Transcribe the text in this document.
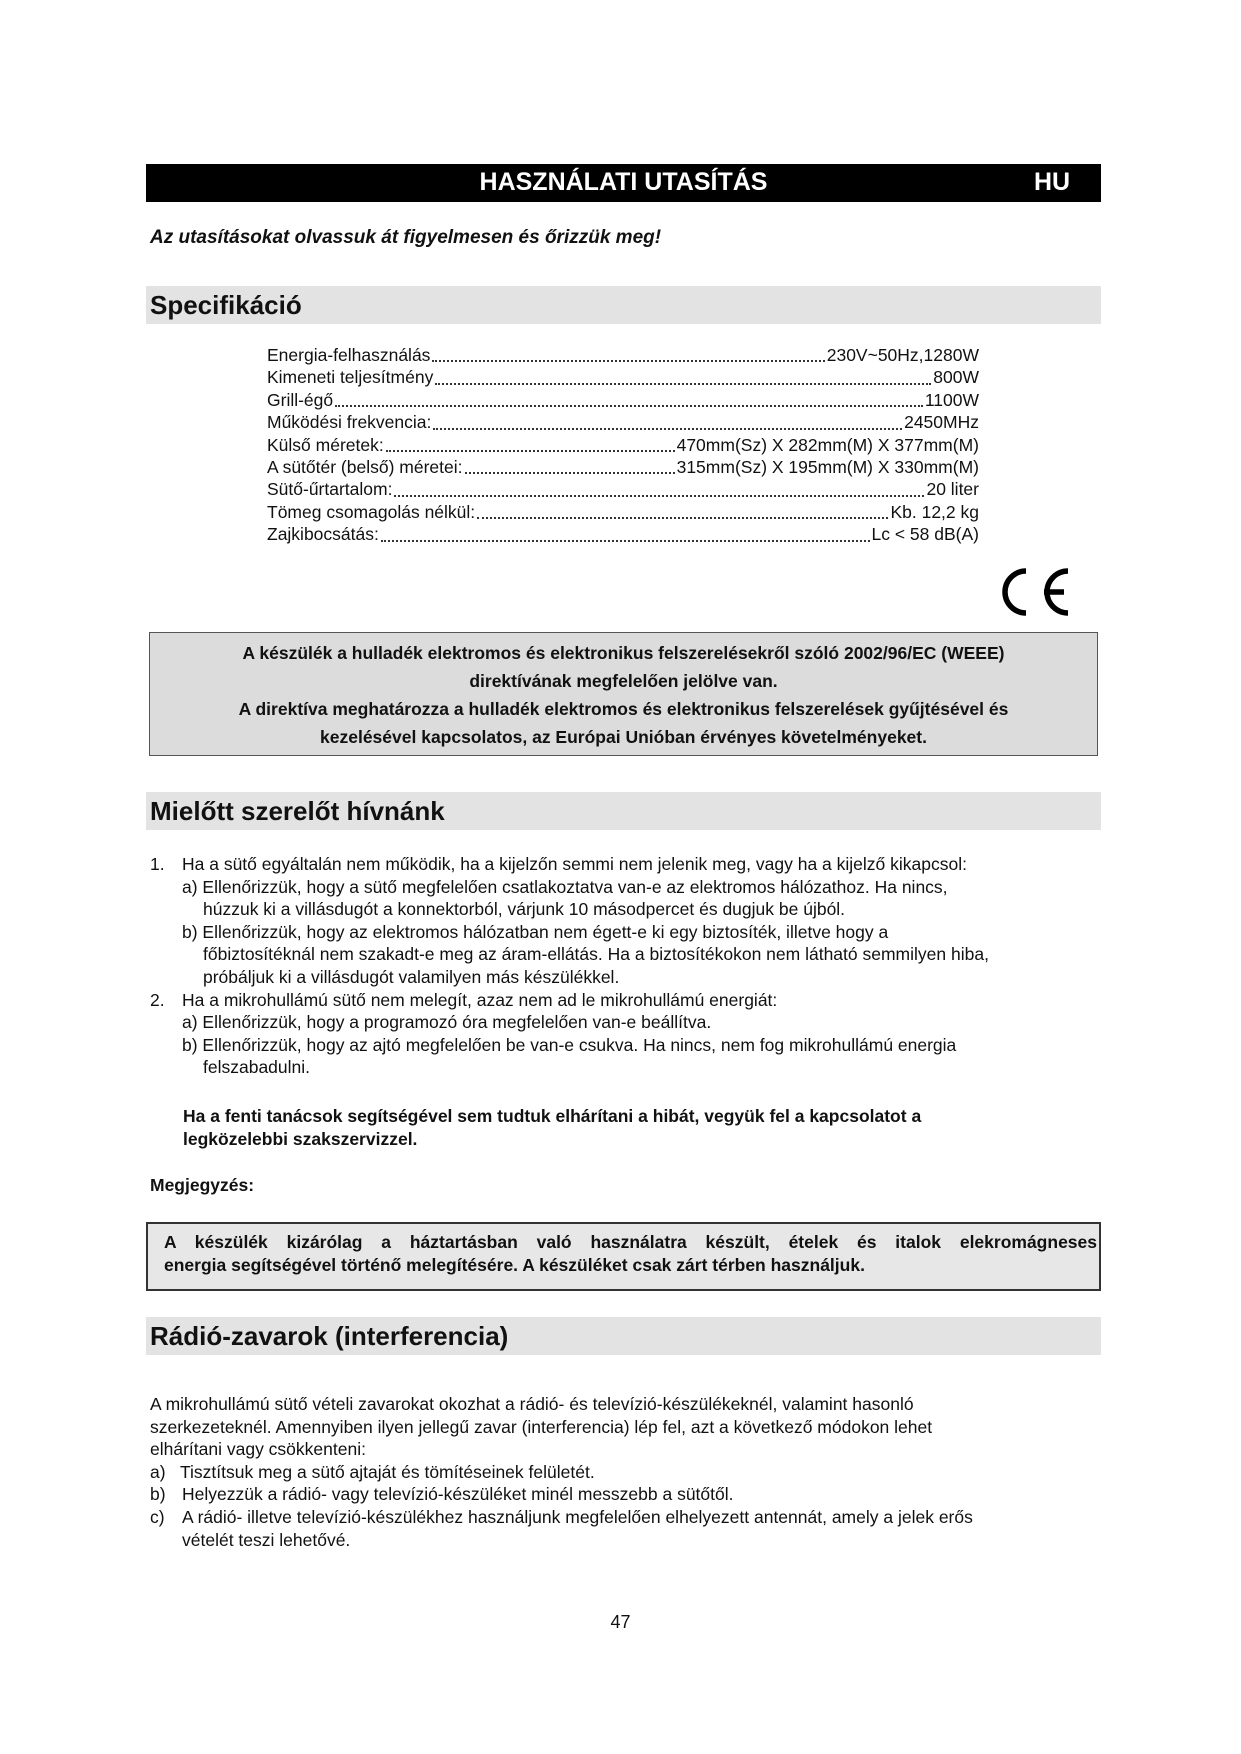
HASZNÁLATI UTASÍTÁS	HU
Az utasításokat olvassuk át figyelmesen és őrizzük meg!
Specifikáció
Energia-felhasználás	230V~50Hz,1280W
Kimeneti teljesítmény	800W
Grill-égő	1100W
Működési frekvencia:	2450MHz
Külső méretek:	470mm(Sz) X 282mm(M) X 377mm(M)
A sütőtér (belső) méretei:	315mm(Sz) X 195mm(M) X 330mm(M)
Sütő-űrtartalom:	20 liter
Tömeg csomagolás nélkül:	Kb. 12,2 kg
Zajkibocsátás:	Lc < 58 dB(A)

A készülék a hulladék elektromos és elektronikus felszerelésekről szóló 2002/96/EC (WEEE)

direktívának megfelelően jelölve van.

A direktíva meghatározza a hulladék elektromos és elektronikus felszerelések gyűjtésével és

kezelésével kapcsolatos, az Európai Unióban érvényes követelményeket.

Mielőtt szerelőt hívnánk
1. Ha a sütő egyáltalán nem működik, ha a kijelzőn semmi nem jelenik meg, vagy ha a kijelző kikapcsol:
a) Ellenőrizzük, hogy a sütő megfelelően csatlakoztatva van-e az elektromos hálózathoz. Ha nincs,
húzzuk ki a villásdugót a konnektorból, várjunk 10 másodpercet és dugjuk be újból.
b) Ellenőrizzük, hogy az elektromos hálózatban nem égett-e ki egy biztosíték, illetve hogy a
főbiztosítéknál nem szakadt-e meg az áram-ellátás. Ha a biztosítékokon nem látható semmilyen hiba,
próbáljuk ki a villásdugót valamilyen más készülékkel.
2. Ha a mikrohullámú sütő nem melegít, azaz nem ad le mikrohullámú energiát:
a) Ellenőrizzük, hogy a programozó óra megfelelően van-e beállítva.
b) Ellenőrizzük, hogy az ajtó megfelelően be van-e csukva. Ha nincs, nem fog mikrohullámú energia
felszabadulni.
Ha a fenti tanácsok segítségével sem tudtuk elhárítani a hibát, vegyük fel a kapcsolatot a
legközelebbi szakszervizzel.
Megjegyzés:
A készülék kizárólag a háztartásban való használatra készült, ételek és italok elekromágneses
energia segítségével történő melegítésére. A készüléket csak zárt térben használjuk.
Rádió-zavarok (interferencia)
A mikrohullámú sütő vételi zavarokat okozhat a rádió- és televízió-készülékeknél, valamint hasonló
szerkezeteknél. Amennyiben ilyen jellegű zavar (interferencia) lép fel, azt a következő módokon lehet
elhárítani vagy csökkenteni:
a) Tisztítsuk meg a sütő ajtaját és tömítéseinek felületét.
b) Helyezzük a rádió- vagy televízió-készüléket minél messzebb a sütőtől.
c) A rádió- illetve televízió-készülékhez használjunk megfelelően elhelyezett antennát, amely a jelek erős
vételét teszi lehetővé.
47
